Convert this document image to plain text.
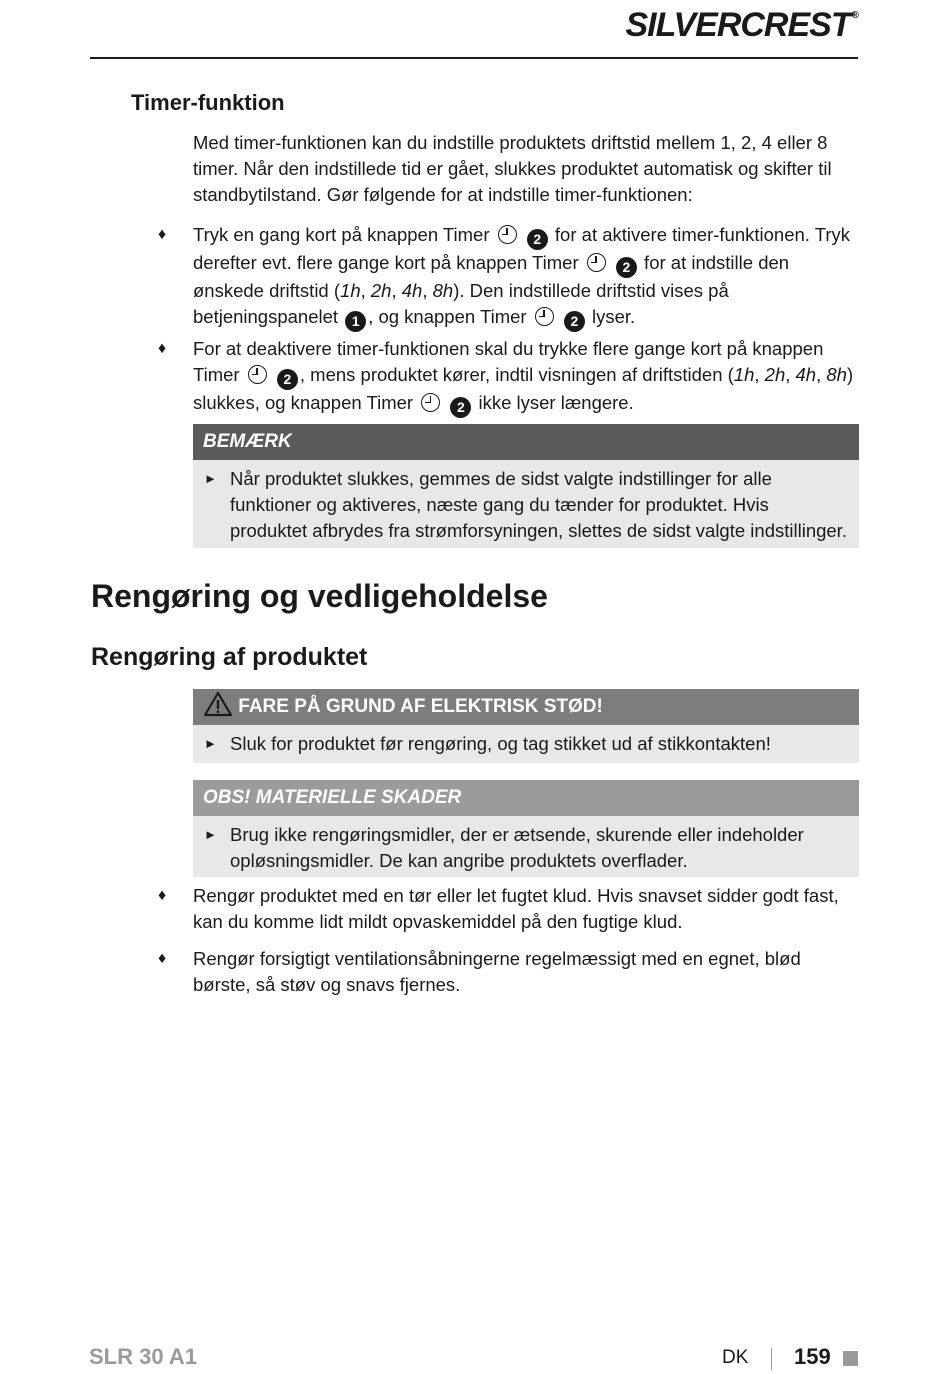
SILVERCREST®
Timer-funktion
Med timer-funktionen kan du indstille produktets driftstid mellem 1, 2, 4 eller 8 timer. Når den indstillede tid er gået, slukkes produktet automatisk og skifter til standbytilstand. Gør følgende for at indstille timer-funktionen:
♦	Tryk en gang kort på knappen Timer	2 for at aktivere timer-funktionen. Tryk derefter evt. flere gange kort på knappen Timer	2 for at indstille den ønskede driftstid (1h, 2h, 4h, 8h). Den indstillede driftstid vises på betjeningspanelet 1 , og knappen Timer	2 lyser.
♦	For at deaktivere timer-funktionen skal du trykke flere gange kort på knappen Timer	2 , mens produktet kører, indtil visningen af driftstiden (1h, 2h, 4h, 8h) slukkes, og knappen Timer	2 ikke lyser længere.
BEMÆRK
► Når produktet slukkes, gemmes de sidst valgte indstillinger for alle funktioner og aktiveres, næste gang du tænder for produktet. Hvis produktet afbrydes fra strømforsyningen, slettes de sidst valgte indstillinger.
Rengøring og vedligeholdelse
Rengøring af produktet
FARE PÅ GRUND AF ELEKTRISK STØD!
► Sluk for produktet før rengøring, og tag stikket ud af stikkontakten!
OBS! MATERIELLE SKADER
► Brug ikke rengøringsmidler, der er ætsende, skurende eller indeholder opløsningsmidler. De kan angribe produktets overflader.
♦	Rengør produktet med en tør eller let fugtet klud. Hvis snavset sidder godt fast, kan du komme lidt mildt opvaskemiddel på den fugtige klud.
♦	Rengør forsigtigt ventilationsåbningerne regelmæssigt med en egnet, blød børste, så støv og snavs fjernes.
SLR 30 A1	DK 159
